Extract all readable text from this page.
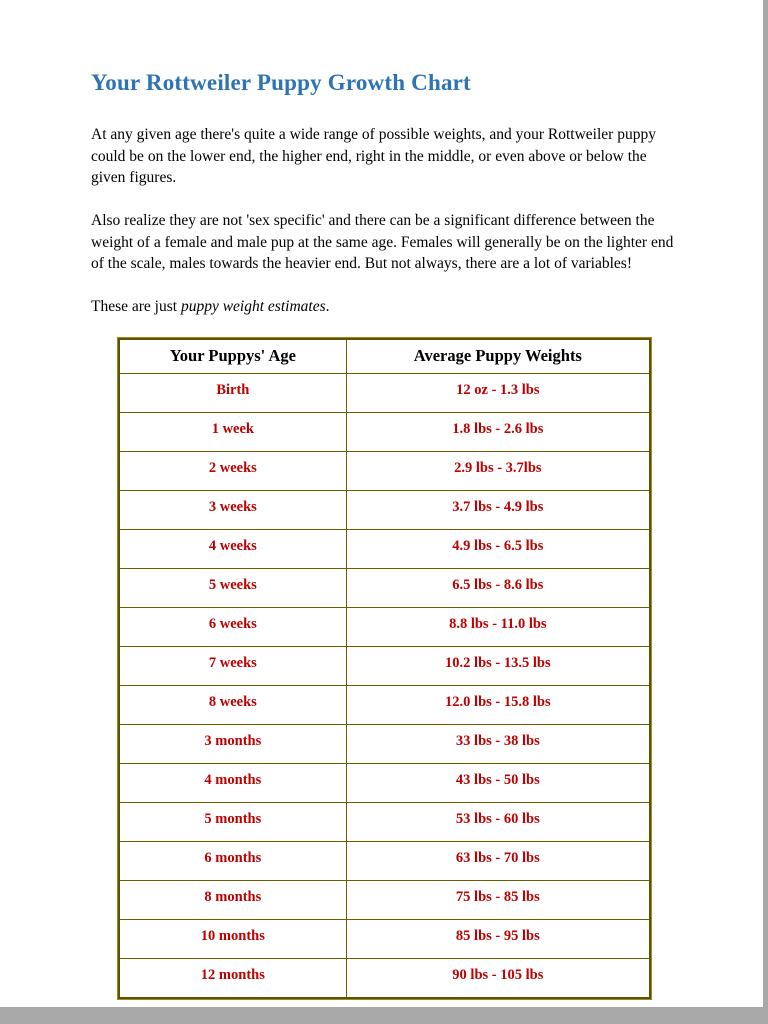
Your Rottweiler Puppy Growth Chart

At any given age there's quite a wide range of possible weights, and your Rottweiler puppy could be on the lower end, the higher end, right in the middle, or even above or below the given figures.

Also realize they are not 'sex specific' and there can be a significant difference between the weight of a female and male pup at the same age. Females will generally be on the lighter end of the scale, males towards the heavier end. But not always, there are a lot of variables!

These are just puppy weight estimates.

Your Puppys' Age	Average Puppy Weights
Birth	12 oz - 1.3 lbs
1 week	1.8 lbs - 2.6 lbs
2 weeks	2.9 lbs - 3.7lbs
3 weeks	3.7 lbs - 4.9 lbs
4 weeks	4.9 lbs - 6.5 lbs
5 weeks	6.5 lbs - 8.6 lbs
6 weeks	8.8 lbs - 11.0 lbs
7 weeks	10.2 lbs - 13.5 lbs
8 weeks	12.0 lbs - 15.8 lbs
3 months	33 lbs - 38 lbs
4 months	43 lbs - 50 lbs
5 months	53 lbs - 60 lbs
6 months	63 lbs - 70 lbs
8 months	75 lbs - 85 lbs
10 months	85 lbs - 95 lbs
12 months	90 lbs - 105 lbs
